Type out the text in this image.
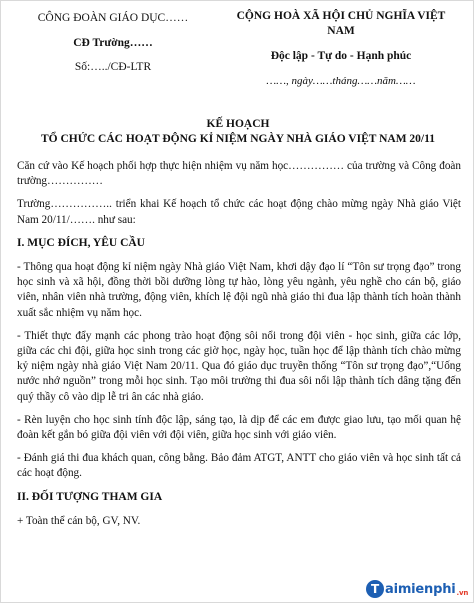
CÔNG ĐOÀN GIÁO DỤC……
CĐ Trường……
Số:…../CĐ-LTR
CỘNG HOÀ XÃ HỘI CHỦ NGHĨA VIỆT NAM
Độc lập - Tự do - Hạnh phúc
……, ngày……tháng……năm……
KẾ HOẠCH
TỔ CHỨC CÁC HOẠT ĐỘNG KỈ NIỆM NGÀY NHÀ GIÁO VIỆT NAM 20/11

Căn cứ vào Kế hoạch phối hợp thực hiện nhiệm vụ năm học…………… của trường và Công đoàn trường……………

Trường…………….. triển khai Kế hoạch tổ chức các hoạt động chào mừng ngày Nhà giáo Việt Nam 20/11/……. như sau:

I. MỤC ĐÍCH, YÊU CẦU

- Thông qua hoạt động kỉ niệm ngày Nhà giáo Việt Nam, khơi dậy đạo lí “Tôn sư trọng đạo” trong học sinh và xã hội, đồng thời bồi dưỡng lòng tự hào, lòng yêu ngành, yêu nghề cho cán bộ, giáo viên, nhân viên nhà trường, động viên, khích lệ đội ngũ nhà giáo thi đua lập thành tích hoàn thành xuất sắc nhiệm vụ năm học.

- Thiết thực đẩy mạnh các phong trào hoạt động sôi nổi trong đội viên - học sinh, giữa các lớp, giữa các chi đội, giữa học sinh trong các giờ học, ngày học, tuần học để lập thành tích chào mừng kỷ niệm ngày nhà giáo Việt Nam 20/11. Qua đó giáo dục truyền thống “Tôn sư trọng đạo”,“Uống nước nhớ nguồn” trong mỗi học sinh. Tạo môi trường thi đua sôi nổi lập thành tích dâng tặng đến quý thầy cô vào dịp lễ tri ân các nhà giáo.

- Rèn luyện cho học sinh tính độc lập, sáng tạo, là dịp để các em được giao lưu, tạo mối quan hệ đoàn kết gắn bó giữa đội viên với đội viên, giữa học sinh với giáo viên.

- Đánh giá thi đua khách quan, công bằng. Bảo đảm ATGT, ANTT cho giáo viên và học sinh tất cả các hoạt động.

II. ĐỐI TƯỢNG THAM GIA

+ Toàn thể cán bộ, GV, NV.

T aimienphi .vn
